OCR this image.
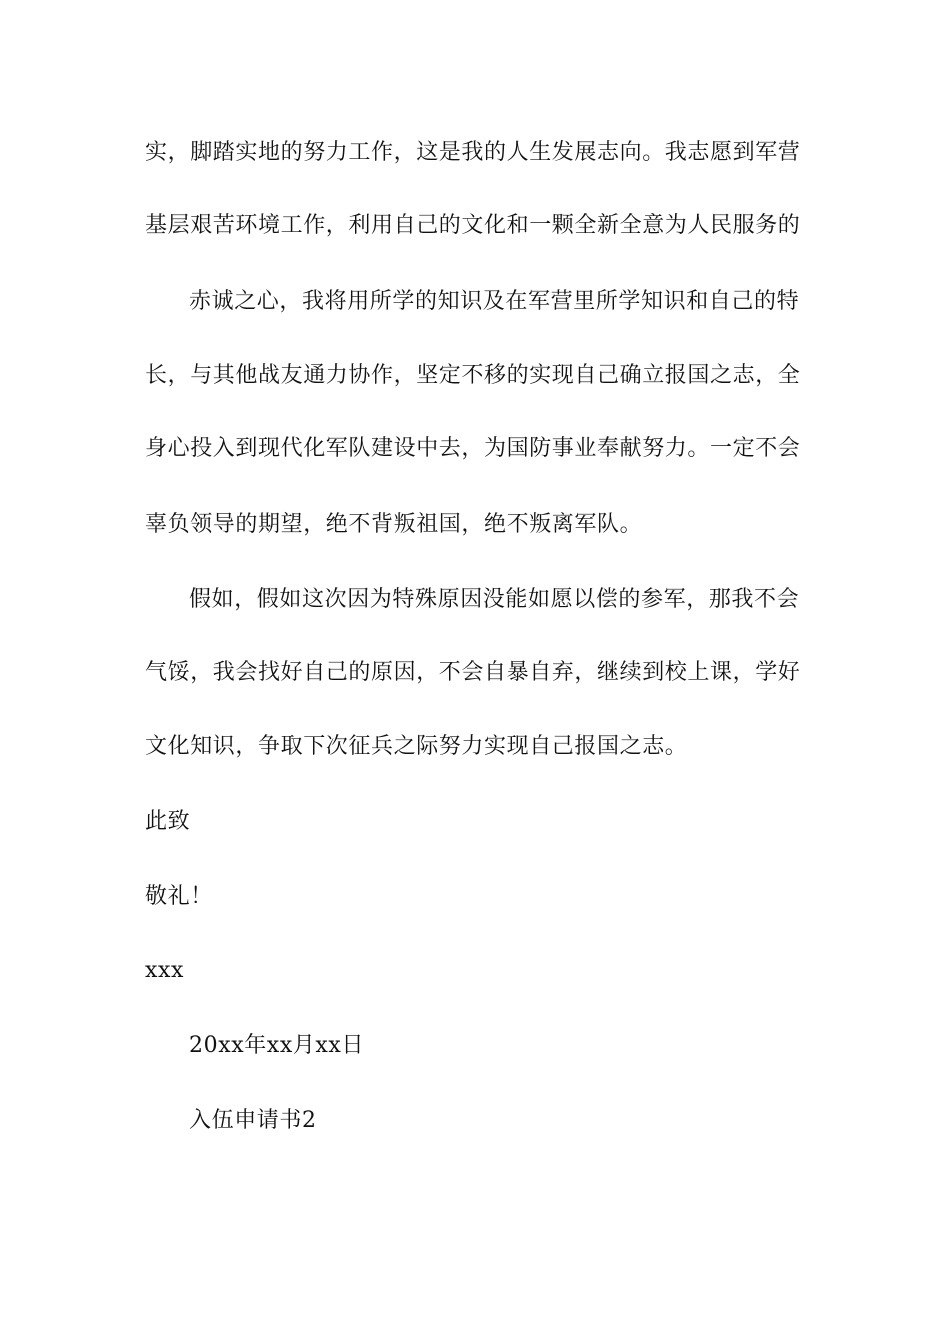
实，脚踏实地的努力工作，这是我的人生发展志向。我志愿到军营
基层艰苦环境工作，利用自己的文化和一颗全新全意为人民服务的
赤诚之心，我将用所学的知识及在军营里所学知识和自己的特
长，与其他战友通力协作，坚定不移的实现自己确立报国之志，全
身心投入到现代化军队建设中去，为国防事业奉献努力。一定不会
辜负领导的期望，绝不背叛祖国，绝不叛离军队。
假如，假如这次因为特殊原因没能如愿以偿的参军，那我不会
气馁，我会找好自己的原因，不会自暴自弃，继续到校上课，学好
文化知识，争取下次征兵之际努力实现自己报国之志。
此致
敬礼！
xxx
20xx年xx月xx日
入伍申请书2
